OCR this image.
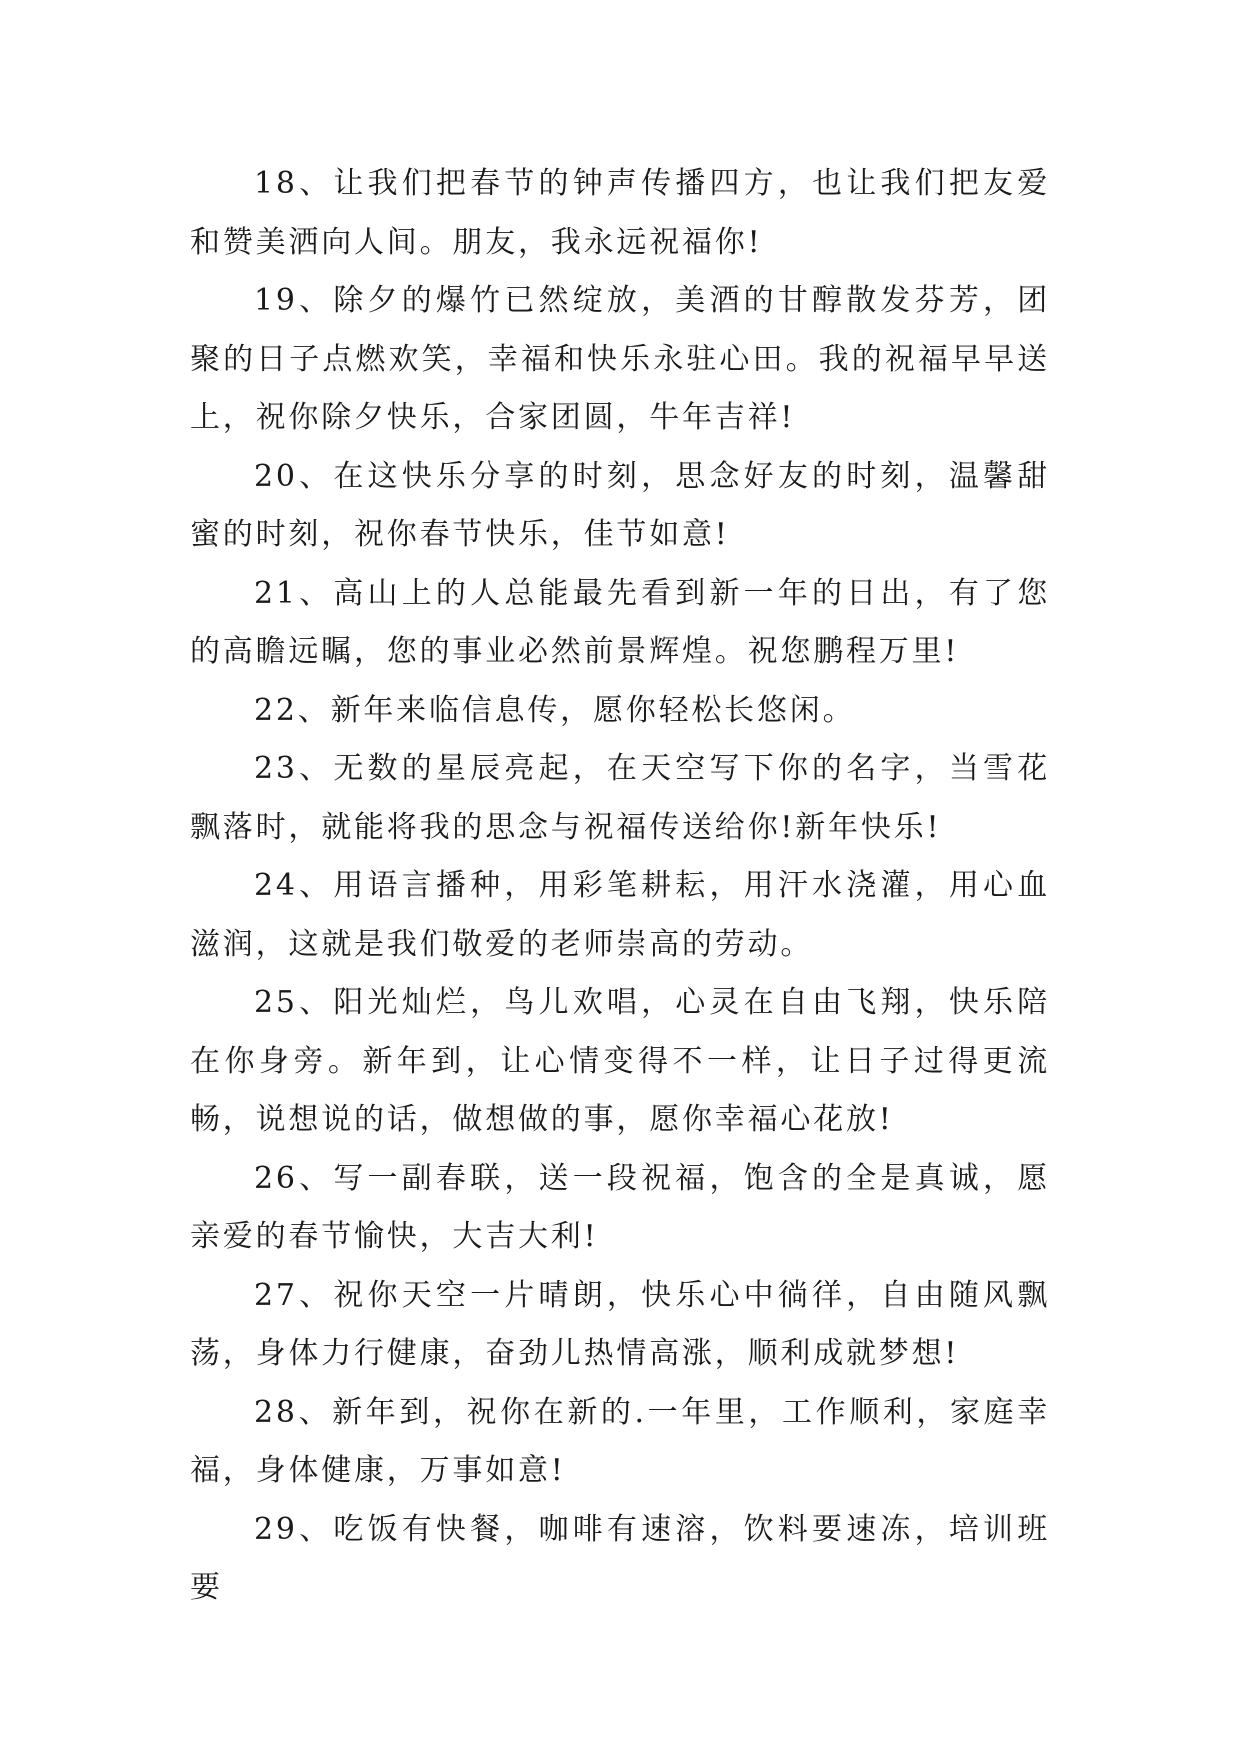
18、让我们把春节的钟声传播四方，也让我们把友爱和赞美洒向人间。朋友，我永远祝福你!

19、除夕的爆竹已然绽放，美酒的甘醇散发芬芳，团聚的日子点燃欢笑，幸福和快乐永驻心田。我的祝福早早送上，祝你除夕快乐，合家团圆，牛年吉祥!

20、在这快乐分享的时刻，思念好友的时刻，温馨甜蜜的时刻，祝你春节快乐，佳节如意!

21、高山上的人总能最先看到新一年的日出，有了您的高瞻远瞩，您的事业必然前景辉煌。祝您鹏程万里!

22、新年来临信息传，愿你轻松长悠闲。

23、无数的星辰亮起，在天空写下你的名字，当雪花飘落时，就能将我的思念与祝福传送给你!新年快乐!

24、用语言播种，用彩笔耕耘，用汗水浇灌，用心血滋润，这就是我们敬爱的老师崇高的劳动。

25、阳光灿烂，鸟儿欢唱，心灵在自由飞翔，快乐陪在你身旁。新年到，让心情变得不一样，让日子过得更流畅，说想说的话，做想做的事，愿你幸福心花放!

26、写一副春联，送一段祝福，饱含的全是真诚，愿亲爱的春节愉快，大吉大利!

27、祝你天空一片晴朗，快乐心中徜徉，自由随风飘荡，身体力行健康，奋劲儿热情高涨，顺利成就梦想!

28、新年到，祝你在新的.一年里，工作顺利，家庭幸福，身体健康，万事如意!

29、吃饭有快餐，咖啡有速溶，饮料要速冻，培训班要
